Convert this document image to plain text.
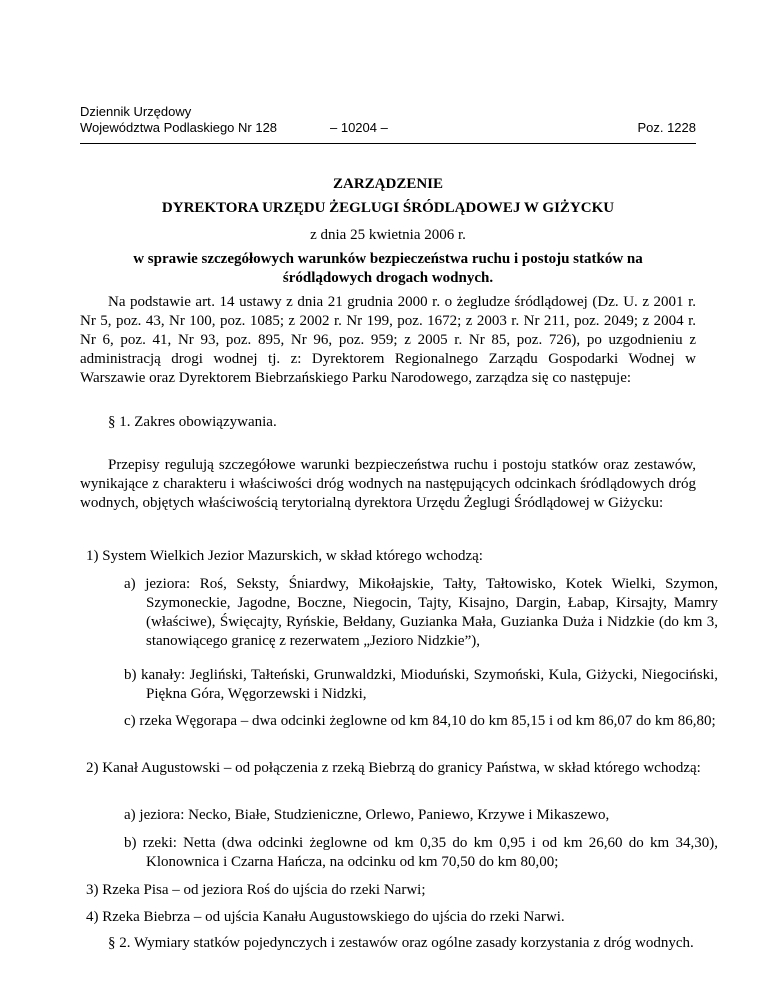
Dziennik Urzędowy
Województwa Podlaskiego Nr 128	– 10204 –	Poz. 1228
ZARZĄDZENIE
DYREKTORA URZĘDU ŻEGLUGI ŚRÓDLĄDOWEJ W GIŻYCKU
z dnia 25 kwietnia 2006 r.
w sprawie szczegółowych warunków bezpieczeństwa ruchu i postoju statków na śródlądowych drogach wodnych.
Na podstawie art. 14 ustawy z dnia 21 grudnia 2000 r. o żegludze śródlądowej (Dz. U. z 2001 r. Nr 5, poz. 43, Nr 100, poz. 1085; z 2002 r. Nr 199, poz. 1672; z 2003 r. Nr 211, poz. 2049; z 2004 r. Nr 6, poz. 41, Nr 93, poz. 895, Nr 96, poz. 959; z 2005 r. Nr 85, poz. 726), po uzgodnieniu z administracją drogi wodnej tj. z: Dyrektorem Regionalnego Zarządu Gospodarki Wodnej w Warszawie oraz Dyrektorem Biebrzańskiego Parku Narodowego, zarządza się co następuje:
§ 1. Zakres obowiązywania.
Przepisy regulują szczegółowe warunki bezpieczeństwa ruchu i postoju statków oraz zestawów, wynikające z charakteru i właściwości dróg wodnych na następujących odcinkach śródlądowych dróg wodnych, objętych właściwością terytorialną dyrektora Urzędu Żeglugi Śródlądowej w Giżycku:
1) System Wielkich Jezior Mazurskich, w skład którego wchodzą:
a) jeziora: Roś, Seksty, Śniardwy, Mikołajskie, Tałty, Tałtowisko, Kotek Wielki, Szymon, Szymoneckie, Jagodne, Boczne, Niegocin, Tajty, Kisajno, Dargin, Łabap, Kirsajty, Mamry (właściwe), Święcajty, Ryńskie, Bełdany, Guzianka Mała, Guzianka Duża i Nidzkie (do km 3, stanowiącego granicę z rezerwatem „Jezioro Nidzkie”),
b) kanały: Jegliński, Tałteński, Grunwaldzki, Mioduński, Szymoński, Kula, Giżycki, Niegociński, Piękna Góra, Węgorzewski i Nidzki,
c) rzeka Węgorapa – dwa odcinki żeglowne od km 84,10 do km 85,15 i od km 86,07 do km 86,80;
2) Kanał Augustowski – od połączenia z rzeką Biebrzą do granicy Państwa, w skład którego wchodzą:
a) jeziora: Necko, Białe, Studzieniczne, Orlewo, Paniewo, Krzywe i Mikaszewo,
b) rzeki: Netta (dwa odcinki żeglowne od km 0,35 do km 0,95 i od km 26,60 do km 34,30), Klonownica i Czarna Hańcza, na odcinku od km 70,50 do km 80,00;
3) Rzeka Pisa – od jeziora Roś do ujścia do rzeki Narwi;
4) Rzeka Biebrza – od ujścia Kanału Augustowskiego do ujścia do rzeki Narwi.
§ 2. Wymiary statków pojedynczych i zestawów oraz ogólne zasady korzystania z dróg wodnych.
